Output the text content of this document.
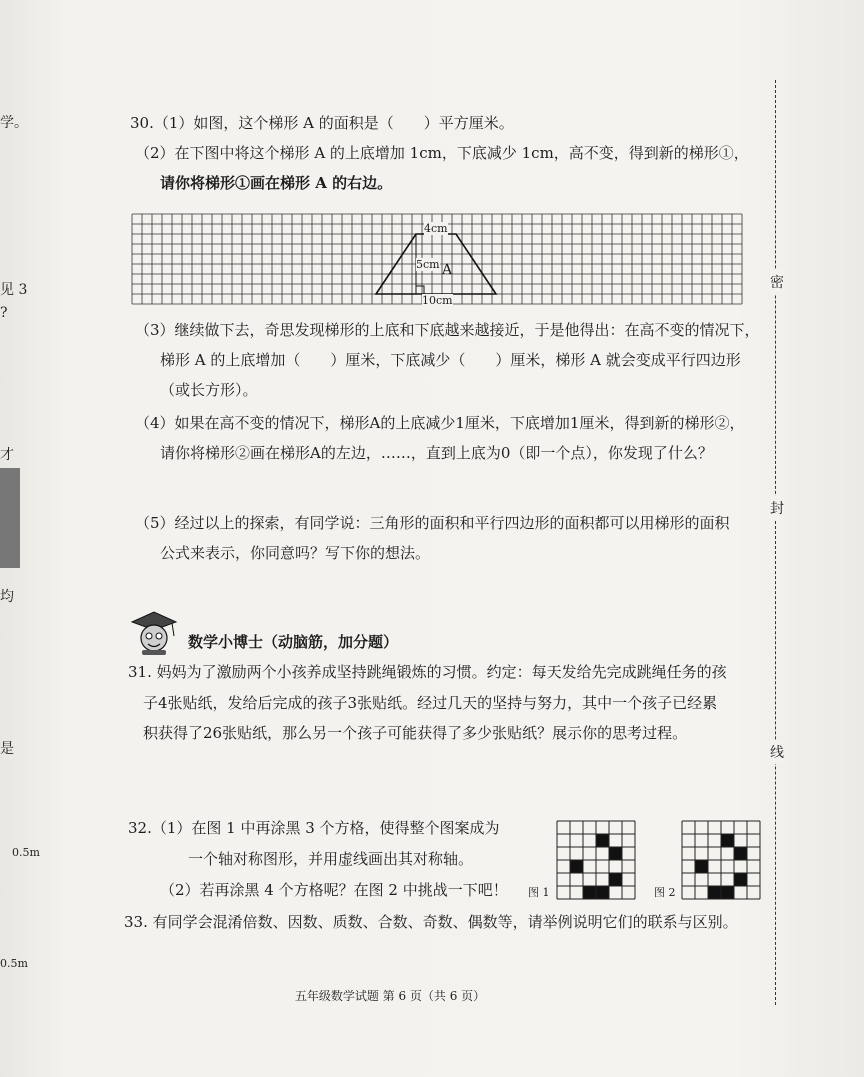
学。
见 3
?
才
均
是
0.5m
0.5m
密
封
线
30.（1）如图，这个梯形 A 的面积是（　　）平方厘米。
（2）在下图中将这个梯形 A 的上底增加 1cm，下底减少 1cm，高不变，得到新的梯形①，
请你将梯形①画在梯形 A 的右边。
4cm
5cm A
10cm
（3）继续做下去，奇思发现梯形的上底和下底越来越接近，于是他得出：在高不变的情况下，
梯形 A 的上底增加（　　）厘米，下底减少（　　）厘米，梯形 A 就会变成平行四边形
（或长方形）。
（4）如果在高不变的情况下，梯形A的上底减少1厘米，下底增加1厘米，得到新的梯形②，
请你将梯形②画在梯形A的左边，……，直到上底为0（即一个点），你发现了什么？
（5）经过以上的探索，有同学说：三角形的面积和平行四边形的面积都可以用梯形的面积
公式来表示，你同意吗？写下你的想法。
数学小博士（动脑筋，加分题）
31. 妈妈为了激励两个小孩养成坚持跳绳锻炼的习惯。约定：每天发给先完成跳绳任务的孩
子4张贴纸，发给后完成的孩子3张贴纸。经过几天的坚持与努力，其中一个孩子已经累
积获得了26张贴纸，那么另一个孩子可能获得了多少张贴纸？展示你的思考过程。
32.（1）在图 1 中再涂黑 3 个方格，使得整个图案成为
一个轴对称图形，并用虚线画出其对称轴。
（2）若再涂黑 4 个方格呢？在图 2 中挑战一下吧！ 图 1	图 2
33. 有同学会混淆倍数、因数、质数、合数、奇数、偶数等，请举例说明它们的联系与区别。
五年级数学试题 第 6 页（共 6 页）
